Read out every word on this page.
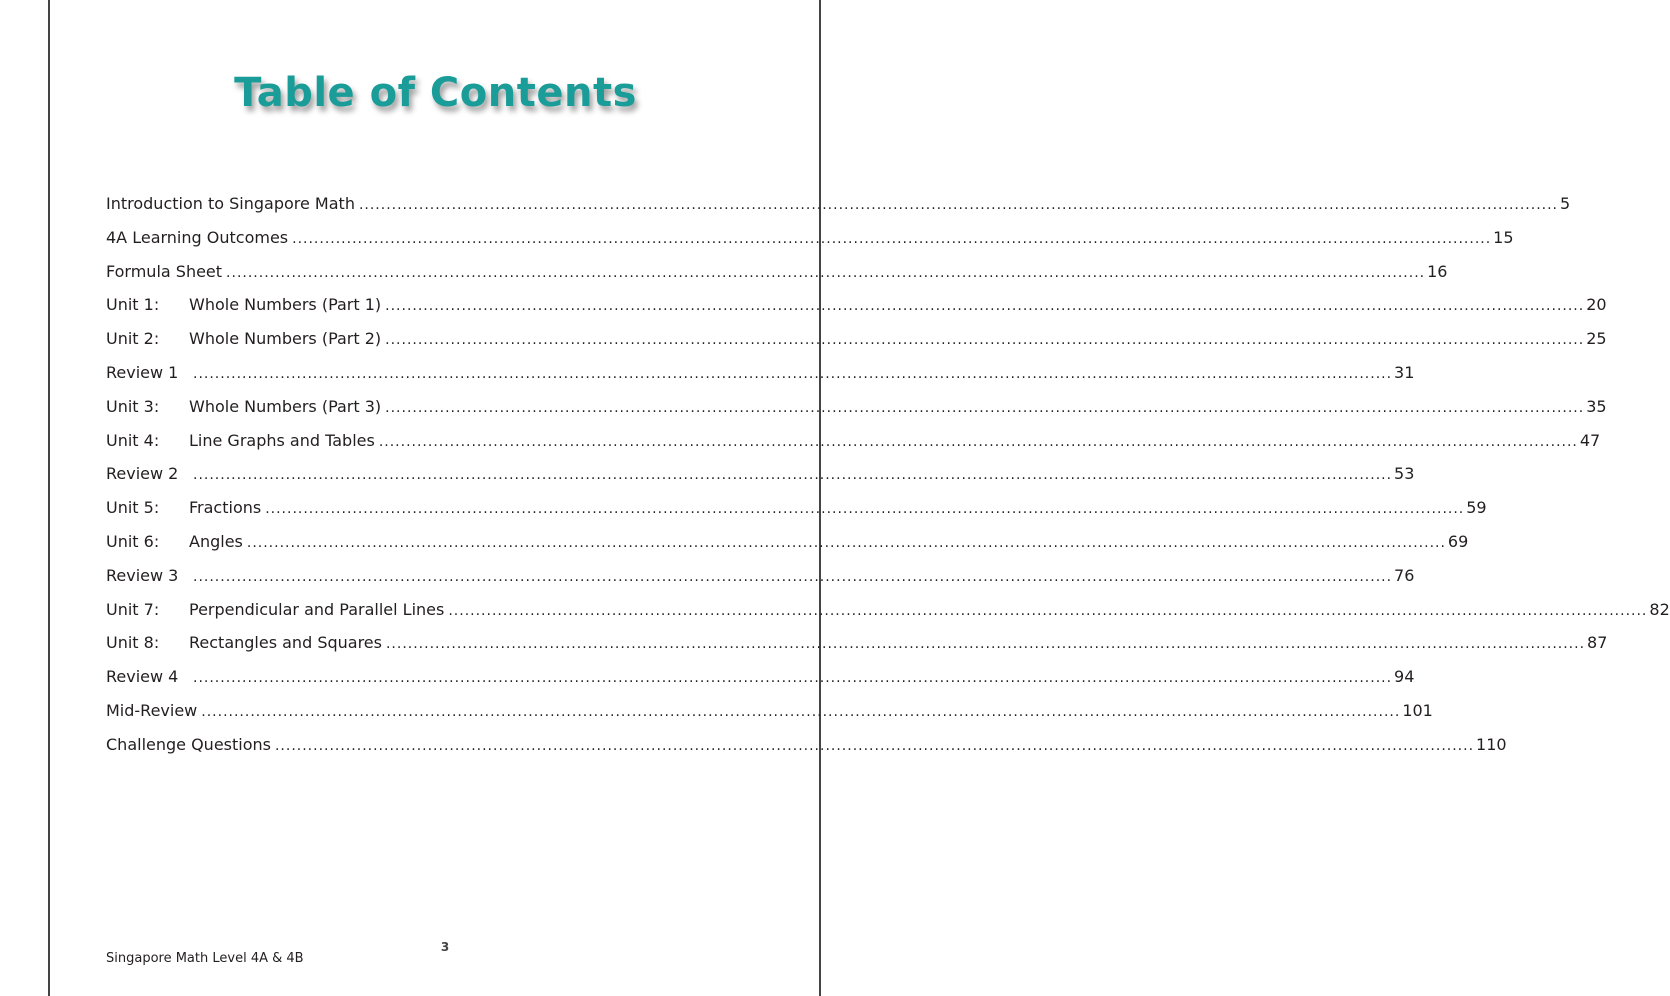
Table of Contents
Introduction to Singapore Math ............................................................................................................................................................................................................................ 5
4A Learning Outcomes ............................................................................................................................................................................................................................ 15
Formula Sheet ............................................................................................................................................................................................................................ 16
Unit 1:	Whole Numbers (Part 1) ............................................................................................................................................................................................................................ 20
Unit 2:	Whole Numbers (Part 2) ............................................................................................................................................................................................................................ 25
Review 1	............................................................................................................................................................................................................................ 31
Unit 3:	Whole Numbers (Part 3) ............................................................................................................................................................................................................................ 35
Unit 4:	Line Graphs and Tables ............................................................................................................................................................................................................................ 47
Review 2	............................................................................................................................................................................................................................ 53
Unit 5:	Fractions ............................................................................................................................................................................................................................ 59
Unit 6:	Angles ............................................................................................................................................................................................................................ 69
Review 3	............................................................................................................................................................................................................................ 76
Unit 7:	Perpendicular and Parallel Lines ............................................................................................................................................................................................................................ 82
Unit 8:	Rectangles and Squares ............................................................................................................................................................................................................................ 87
Review 4	............................................................................................................................................................................................................................ 94
Mid-Review ............................................................................................................................................................................................................................ 101
Challenge Questions ............................................................................................................................................................................................................................ 110
3
Singapore Math Level 4A & 4B
